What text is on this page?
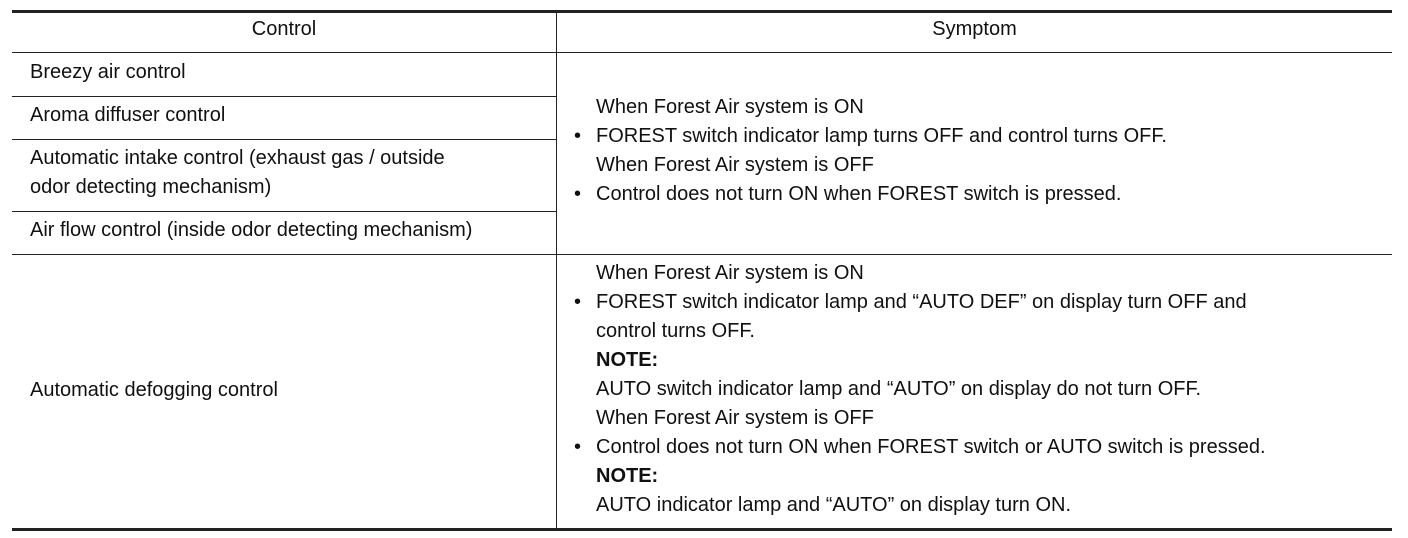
Control	Symptom
Breezy air control
Aroma diffuser control
Automatic intake control (exhaust gas / outside
odor detecting mechanism)
Air flow control (inside odor detecting mechanism)
When Forest Air system is ON
• FOREST switch indicator lamp turns OFF and control turns OFF.
When Forest Air system is OFF
• Control does not turn ON when FOREST switch is pressed.
Automatic defogging control
When Forest Air system is ON
• FOREST switch indicator lamp and “AUTO DEF” on display turn OFF and
control turns OFF.
NOTE:
AUTO switch indicator lamp and “AUTO” on display do not turn OFF.
When Forest Air system is OFF
• Control does not turn ON when FOREST switch or AUTO switch is pressed.
NOTE:
AUTO indicator lamp and “AUTO” on display turn ON.
